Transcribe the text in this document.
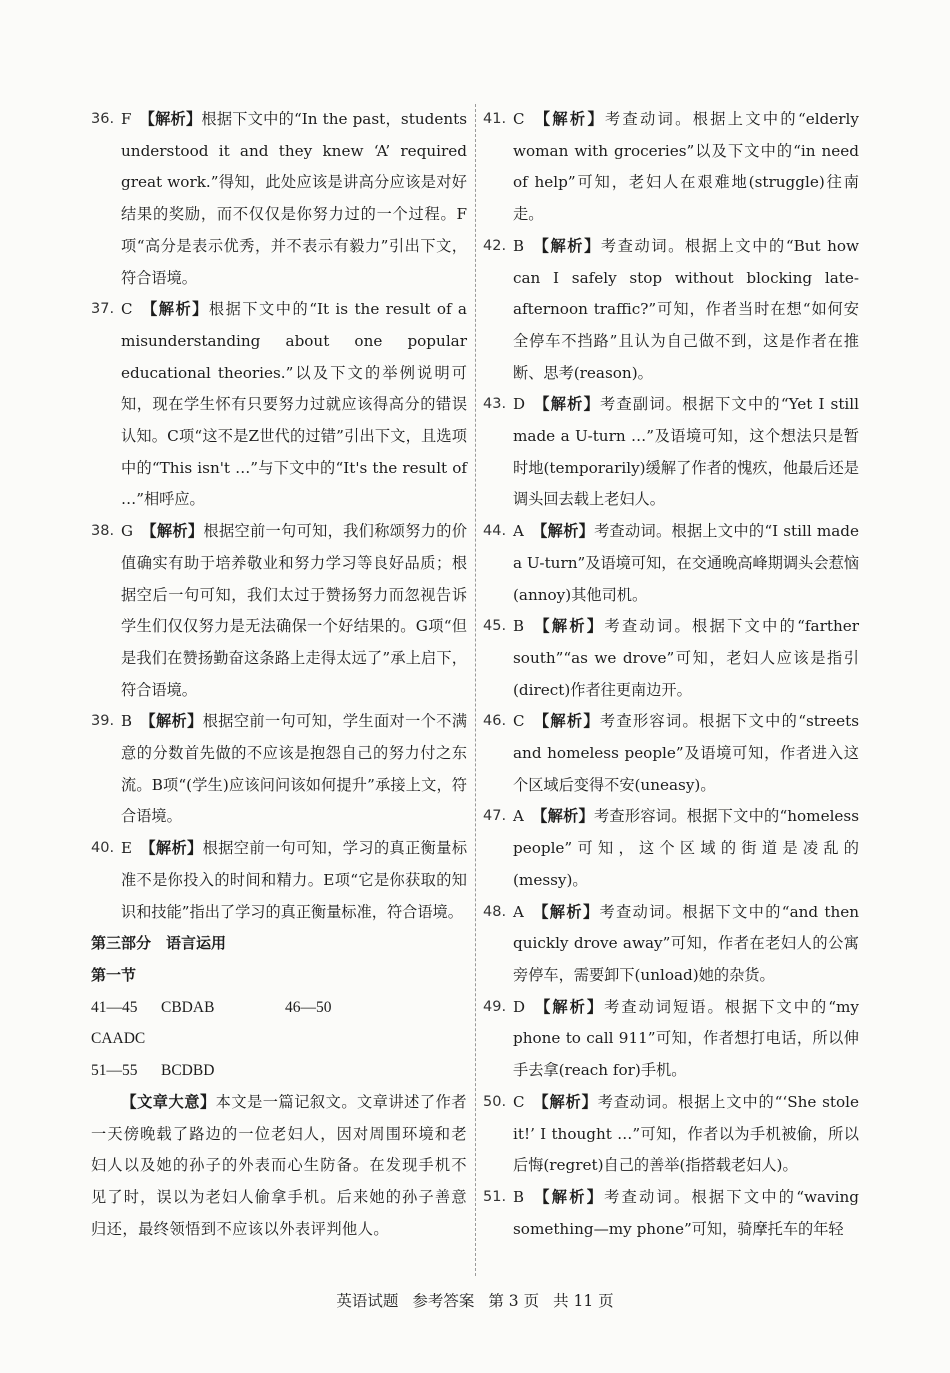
36. F 【解析】根据下文中的“In the past，students understood it and they knew ‘A’ required great work.”得知，此处应该是讲高分应该是对好结果的奖励，而不仅仅是你努力过的一个过程。F项“高分是表示优秀，并不表示有毅力”引出下文，符合语境。

37. C 【解析】根据下文中的“It is the result of a misunderstanding about one popular educational theories.”以及下文的举例说明可知，现在学生怀有只要努力过就应该得高分的错误认知。C项“这不是Z世代的过错”引出下文，且选项中的“This isn't …”与下文中的“It's the result of …”相呼应。

38. G 【解析】根据空前一句可知，我们称颂努力的价值确实有助于培养敬业和努力学习等良好品质；根据空后一句可知，我们太过于赞扬努力而忽视告诉学生们仅仅努力是无法确保一个好结果的。G项“但是我们在赞扬勤奋这条路上走得太远了”承上启下，符合语境。

39. B 【解析】根据空前一句可知，学生面对一个不满意的分数首先做的不应该是抱怨自己的努力付之东流。B项“(学生)应该问问该如何提升”承接上文，符合语境。

40. E 【解析】根据空前一句可知，学习的真正衡量标准不是你投入的时间和精力。E项“它是你获取的知识和技能”指出了学习的真正衡量标准，符合语境。

第三部分　语言运用

第一节

41—45 CBDAB	46—50CAADC

51—55 BCDBD

【文章大意】本文是一篇记叙文。文章讲述了作者一天傍晚载了路边的一位老妇人，因对周围环境和老妇人以及她的孙子的外表而心生防备。在发现手机不见了时，误以为老妇人偷拿手机。后来她的孙子善意归还，最终领悟到不应该以外表评判他人。

41. C 【解析】考查动词。根据上文中的“elderly woman with groceries”以及下文中的“in need of help”可知，老妇人在艰难地(struggle)往南走。

42. B 【解析】考查动词。根据上文中的“But how can I safely stop without blocking late-afternoon traffic?”可知，作者当时在想“如何安全停车不挡路”且认为自己做不到，这是作者在推断、思考(reason)。

43. D 【解析】考查副词。根据下文中的“Yet I still made a U-turn …”及语境可知，这个想法只是暂时地(temporarily)缓解了作者的愧疚，他最后还是调头回去载上老妇人。

44. A 【解析】考查动词。根据上文中的“I still made a U-turn”及语境可知，在交通晚高峰期调头会惹恼(annoy)其他司机。

45. B 【解析】考查动词。根据下文中的“farther south”“as we drove”可知，老妇人应该是指引(direct)作者往更南边开。

46. C 【解析】考查形容词。根据下文中的“streets and homeless people”及语境可知，作者进入这个区域后变得不安(uneasy)。

47. A 【解析】考查形容词。根据下文中的“homeless people”可知，这个区域的街道是凌乱的(messy)。

48. A 【解析】考查动词。根据下文中的“and then quickly drove away”可知，作者在老妇人的公寓旁停车，需要卸下(unload)她的杂货。

49. D 【解析】考查动词短语。根据下文中的“my phone to call 911”可知，作者想打电话，所以伸手去拿(reach for)手机。

50. C 【解析】考查动词。根据上文中的“‘She stole it!’ I thought …”可知，作者以为手机被偷，所以后悔(regret)自己的善举(指搭载老妇人)。

51. B 【解析】考查动词。根据下文中的“waving something—my phone”可知，骑摩托车的年轻

英语试题 参考答案 第 3 页 共 11 页
